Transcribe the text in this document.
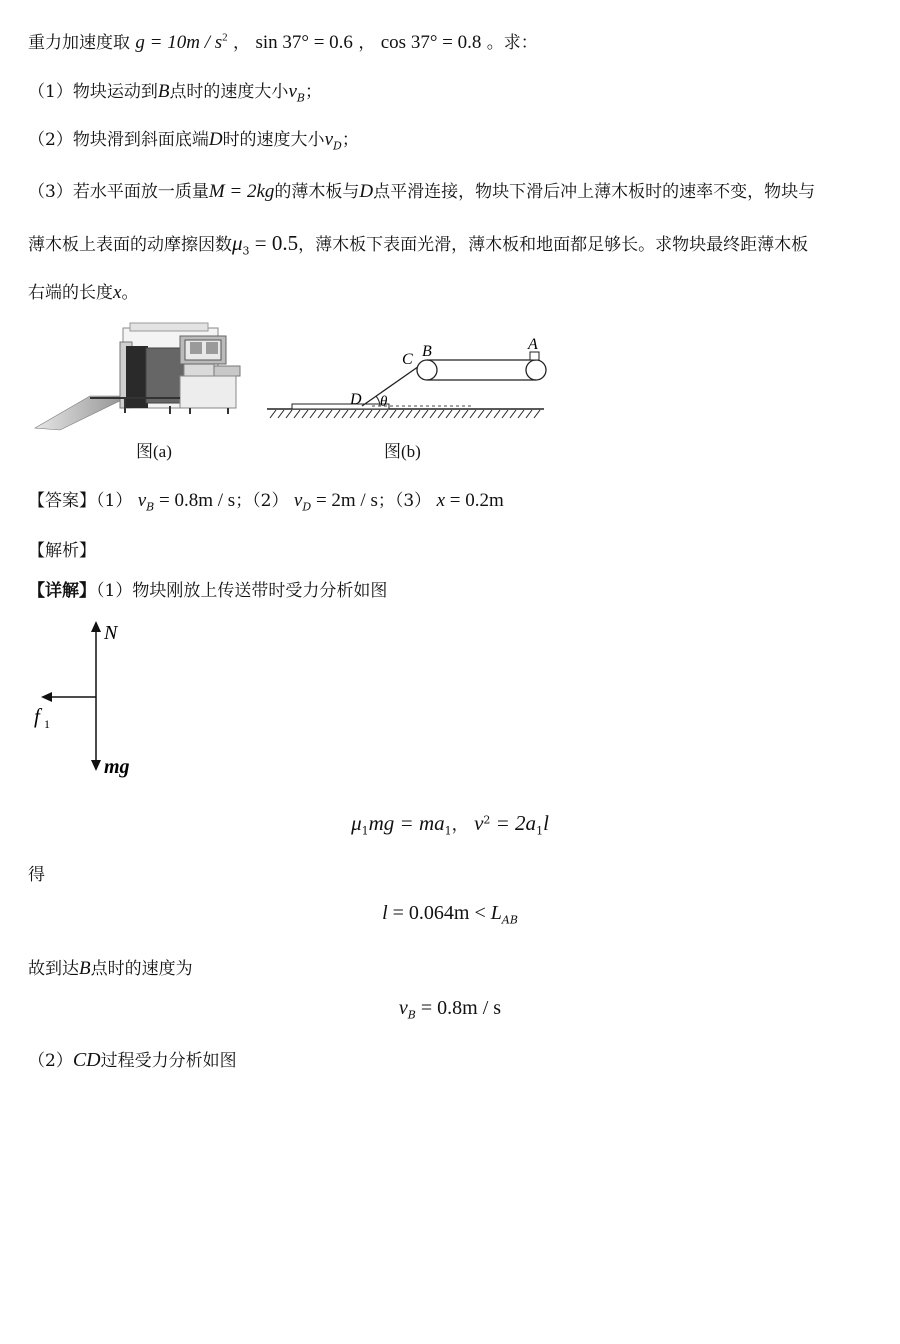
重力加速度取 $g = 10m / s^2$ ， sin 37° = 0.6 ， cos 37° = 0.8 。求：
（1）物块运动到B点时的速度大小$v_B$；
（2）物块滑到斜面底端D时的速度大小$v_D$；
（3）若水平面放一质量M = 2kg的薄木板与D点平滑连接，物块下滑后冲上薄木板时的速率不变，物块与
薄木板上表面的动摩擦因数$\mu_3 = 0.5$，薄木板下表面光滑，薄木板和地面都足够长。求物块最终距薄木板
右端的长度x。
图(a)
C B	A
D θ
图(b)
【答案】（1） $v_B = 0.8m / s$；（2） $v_D = 2m / s$；（3） x = 0.2m
【解析】
【详解】（1）物块刚放上传送带时受力分析如图
N
f 1
mg
$\mu_1mg = ma_1$， $v^2 = 2a_1l$
得
$l = 0.064m < L_{AB}$
故到达B点时的速度为
$v_B = 0.8m / s$
（2）CD过程受力分析如图
